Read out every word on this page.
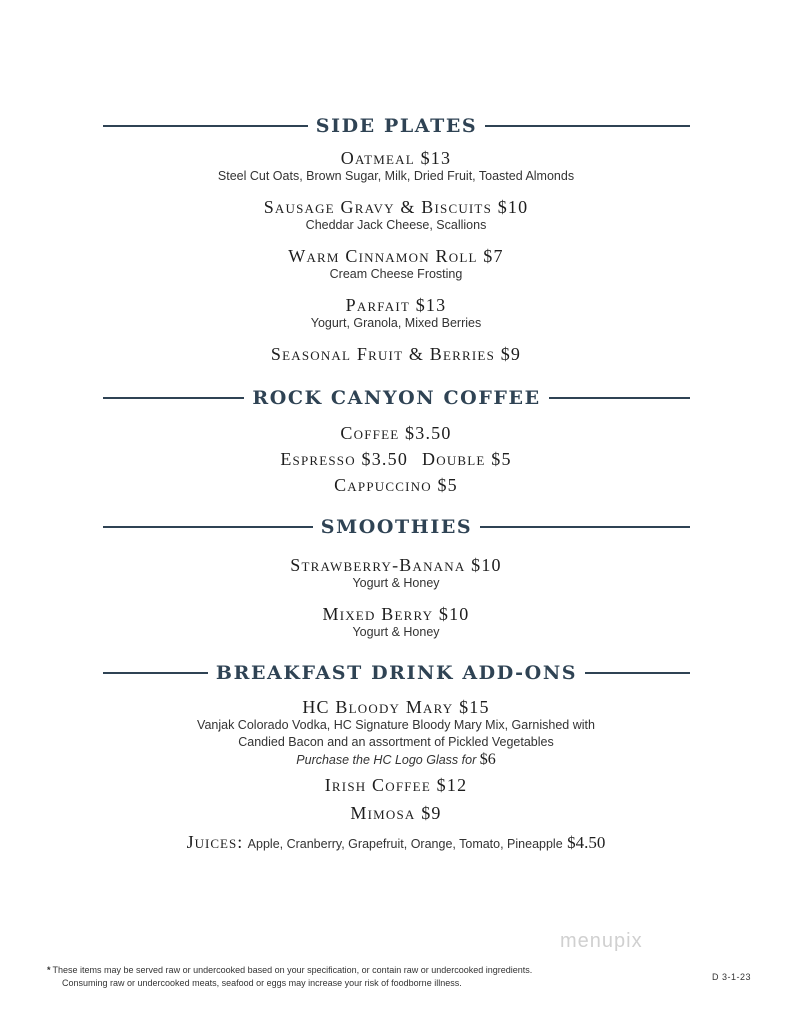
SIDE PLATES
Oatmeal $13
Steel Cut Oats, Brown Sugar, Milk, Dried Fruit, Toasted Almonds
Sausage Gravy & Biscuits $10
Cheddar Jack Cheese, Scallions
Warm Cinnamon Roll $7
Cream Cheese Frosting
Parfait $13
Yogurt, Granola, Mixed Berries
Seasonal Fruit & Berries $9
ROCK CANYON COFFEE
Coffee $3.50
Espresso $3.50 Double $5
Cappuccino $5
SMOOTHIES
Strawberry-Banana $10
Yogurt & Honey
Mixed Berry $10
Yogurt & Honey
BREAKFAST DRINK ADD-ONS
HC Bloody Mary $15
Vanjak Colorado Vodka, HC Signature Bloody Mary Mix, Garnished with
Candied Bacon and an assortment of Pickled Vegetables
Purchase the HC Logo Glass for $6
Irish Coffee $12
Mimosa $9
Juices: Apple, Cranberry, Grapefruit, Orange, Tomato, Pineapple $4.50
menupix
* These items may be served raw or undercooked based on your specification, or contain raw or undercooked ingredients.
Consuming raw or undercooked meats, seafood or eggs may increase your risk of foodborne illness.
D 3-1-23
